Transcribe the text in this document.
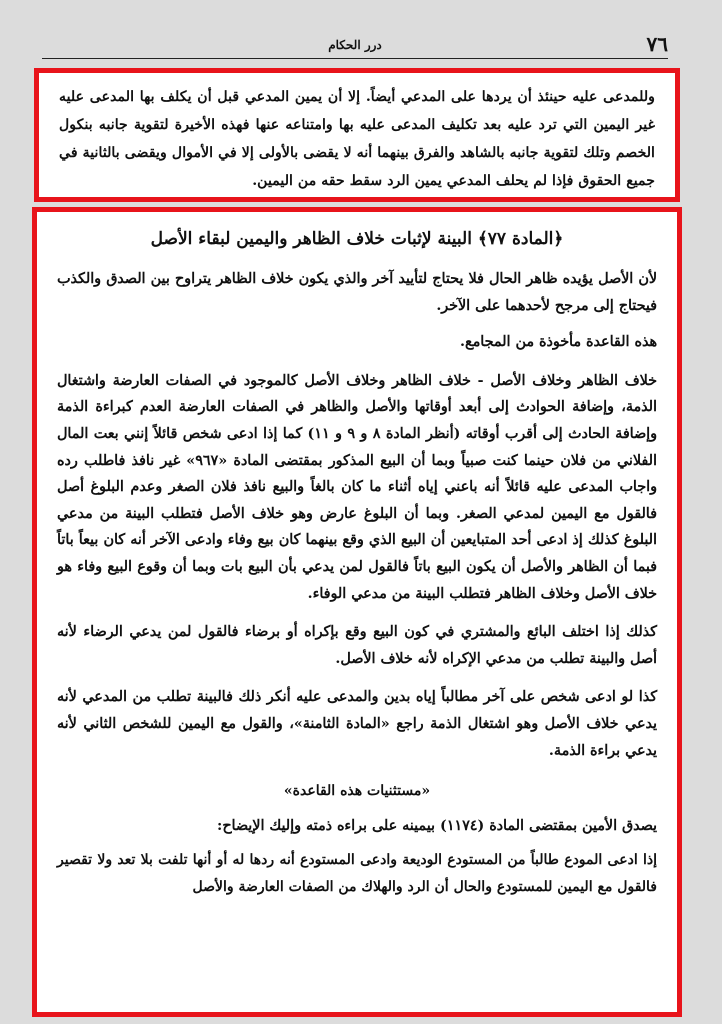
٧٦
درر الحكام

وللمدعى عليه حينئذ أن يردها على المدعي أيضاً. إلا أن يمين المدعي قبل أن يكلف بها المدعى عليه غير اليمين التي ترد عليه بعد تكليف المدعى عليه بها وامتناعه عنها فهذه الأخيرة لتقوية جانبه بنكول الخصم وتلك لتقوية جانبه بالشاهد والفرق بينهما أنه لا يقضى بالأولى إلا في الأموال ويقضى بالثانية في جميع الحقوق فإذا لم يحلف المدعي يمين الرد سقط حقه من اليمين.

﴿المادة ٧٧﴾ البينة لإثبات خلاف الظاهر واليمين لبقاء الأصل

لأن الأصل يؤيده ظاهر الحال فلا يحتاج لتأييد آخر والذي يكون خلاف الظاهر يتراوح بين الصدق والكذب فيحتاج إلى مرجح لأحدهما على الآخر.

هذه القاعدة مأخوذة من المجامع.

خلاف الظاهر وخلاف الأصل - خلاف الظاهر وخلاف الأصل كالموجود في الصفات العارضة واشتغال الذمة، وإضافة الحوادث إلى أبعد أوقاتها والأصل والظاهر في الصفات العارضة العدم كبراءة الذمة وإضافة الحادث إلى أقرب أوقاته (أنظر المادة ٨ و ٩ و ١١) كما إذا ادعى شخص قائلاً إنني بعت المال الفلاني من فلان حينما كنت صبياً وبما أن البيع المذكور بمقتضى المادة «٩٦٧» غير نافذ فاطلب رده واجاب المدعى عليه قائلاً أنه باعني إياه أثناء ما كان بالغاً والبيع نافذ فلان الصغر وعدم البلوغ أصل فالقول مع اليمين لمدعي الصغر. وبما أن البلوغ عارض وهو خلاف الأصل فتطلب البينة من مدعي البلوغ كذلك إذ ادعى أحد المتبايعين أن البيع الذي وقع بينهما كان بيع وفاء وادعى الآخر أنه كان بيعاً باتاً فبما أن الظاهر والأصل أن يكون البيع باتاً فالقول لمن يدعي بأن البيع بات وبما أن وقوع البيع وفاء هو خلاف الأصل وخلاف الظاهر فتطلب البينة من مدعي الوفاء.

كذلك إذا اختلف البائع والمشتري في كون البيع وقع بإكراه أو برضاء فالقول لمن يدعي الرضاء لأنه أصل والبينة تطلب من مدعي الإكراه لأنه خلاف الأصل.

كذا لو ادعى شخص على آخر مطالباً إياه بدين والمدعى عليه أنكر ذلك فالبينة تطلب من المدعي لأنه يدعي خلاف الأصل وهو اشتغال الذمة راجع «المادة الثامنة»، والقول مع اليمين للشخص الثاني لأنه يدعي براءة الذمة.

«مستثنيات هذه القاعدة»

يصدق الأمين بمقتضى المادة (١١٧٤) بيمينه على براءه ذمته وإليك الإيضاح:

إذا ادعى المودع طالباً من المستودع الوديعة وادعى المستودع أنه ردها له أو أنها تلفت بلا تعد ولا تقصير فالقول مع اليمين للمستودع والحال أن الرد والهلاك من الصفات العارضة والأصل
